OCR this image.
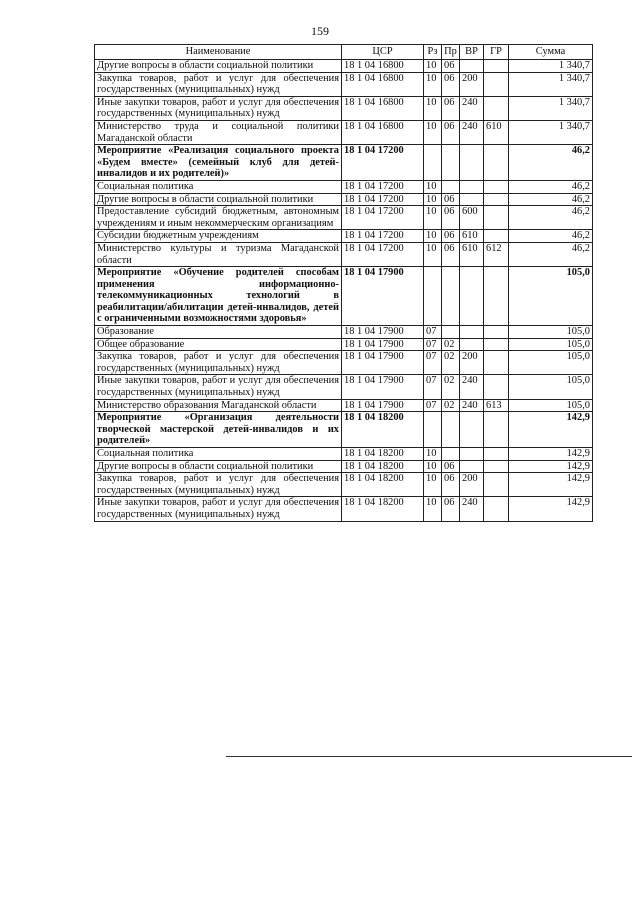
159
Наименование	ЦСР	Рз	Пр	ВР	ГР	Сумма
Другие вопросы в области социальной политики	18 1 04 16800	10	06			1 340,7
Закупка товаров, работ и услуг для обеспечения государственных (муниципальных) нужд	18 1 04 16800	10	06	200		1 340,7
Иные закупки товаров, работ и услуг для обеспечения государственных (муниципальных) нужд	18 1 04 16800	10	06	240		1 340,7
Министерство труда и социальной политики Магаданской области	18 1 04 16800	10	06	240	610	1 340,7
Мероприятие «Реализация социального проекта «Будем вместе» (семейный клуб для детей-инвалидов и их родителей)»	18 1 04 17200					46,2
Социальная политика	18 1 04 17200	10				46,2
Другие вопросы в области социальной политики	18 1 04 17200	10	06			46,2
Предоставление субсидий бюджетным, автономным учреждениям и иным некоммерческим организациям	18 1 04 17200	10	06	600		46,2
Субсидии бюджетным учреждениям	18 1 04 17200	10	06	610		46,2
Министерство культуры и туризма Магаданской области	18 1 04 17200	10	06	610	612	46,2
Мероприятие «Обучение родителей способам применения информационно-телекоммуникационных технологий в реабилитации/абилитации детей-инвалидов, детей с ограниченными возможностями здоровья»	18 1 04 17900					105,0
Образование	18 1 04 17900	07				105,0
Общее образование	18 1 04 17900	07	02			105,0
Закупка товаров, работ и услуг для обеспечения государственных (муниципальных) нужд	18 1 04 17900	07	02	200		105,0
Иные закупки товаров, работ и услуг для обеспечения государственных (муниципальных) нужд	18 1 04 17900	07	02	240		105,0
Министерство образования Магаданской области	18 1 04 17900	07	02	240	613	105,0
Мероприятие «Организация деятельности творческой мастерской детей-инвалидов и их родителей»	18 1 04 18200					142,9
Социальная политика	18 1 04 18200	10				142,9
Другие вопросы в области социальной политики	18 1 04 18200	10	06			142,9
Закупка товаров, работ и услуг для обеспечения государственных (муниципальных) нужд	18 1 04 18200	10	06	200		142,9
Иные закупки товаров, работ и услуг для обеспечения государственных (муниципальных) нужд	18 1 04 18200	10	06	240		142,9
